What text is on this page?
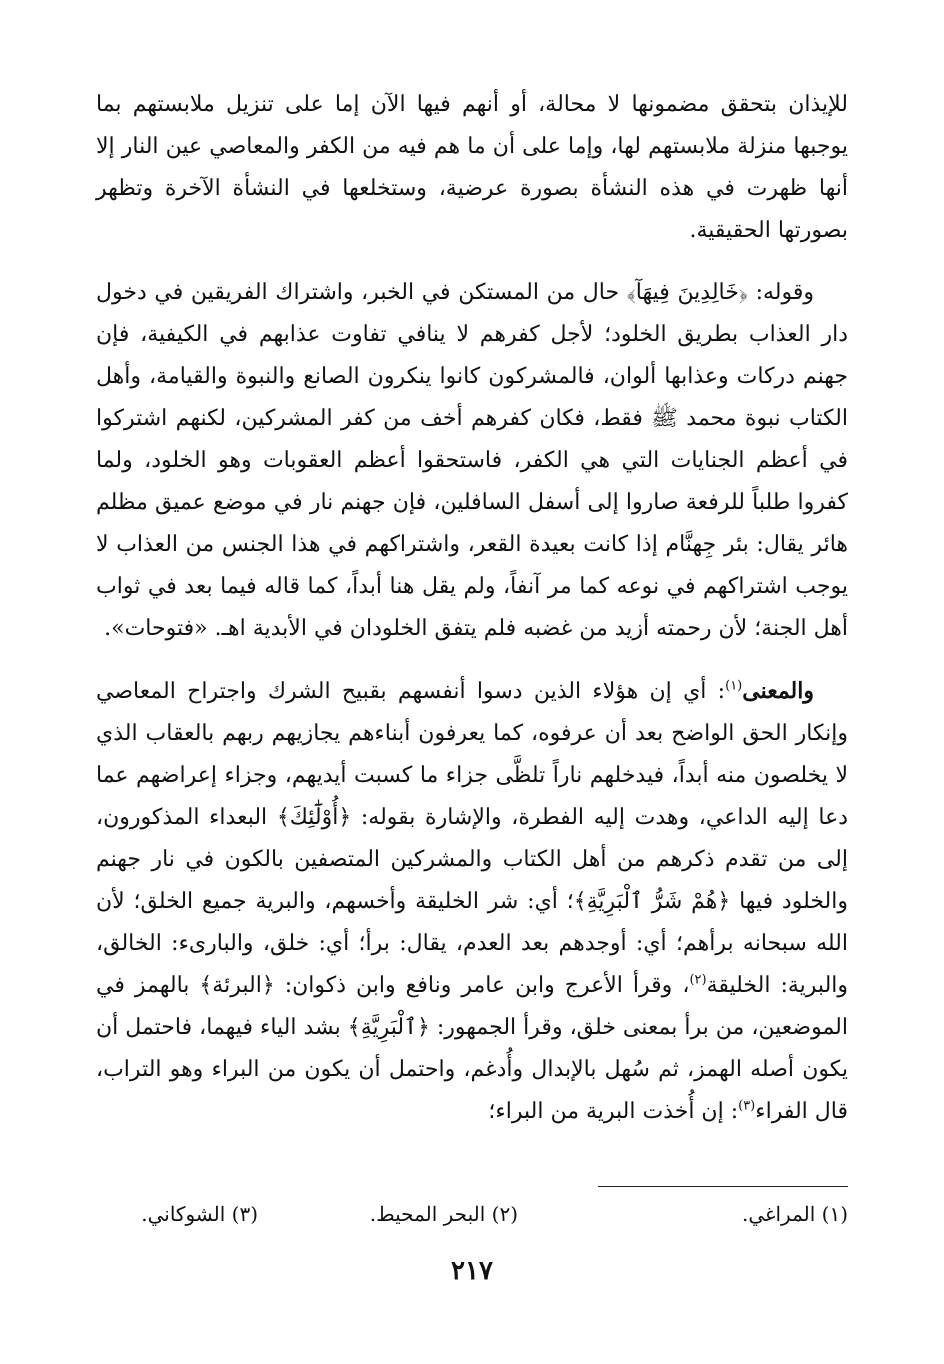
للإيذان بتحقق مضمونها لا محالة، أو أنهم فيها الآن إما على تنزيل ملابستهم بما يوجبها منزلة ملابستهم لها، وإما على أن ما هم فيه من الكفر والمعاصي عين النار إلا أنها ظهرت في هذه النشأة بصورة عرضية، وستخلعها في النشأة الآخرة وتظهر بصورتها الحقيقية.

وقوله: ﴿خَالِدِينَ فِيهَآ﴾ حال من المستكن في الخبر، واشتراك الفريقين في دخول دار العذاب بطريق الخلود؛ لأجل كفرهم لا ينافي تفاوت عذابهم في الكيفية، فإن جهنم دركات وعذابها ألوان، فالمشركون كانوا ينكرون الصانع والنبوة والقيامة، وأهل الكتاب نبوة محمد ﷺ فقط، فكان كفرهم أخف من كفر المشركين، لكنهم اشتركوا في أعظم الجنايات التي هي الكفر، فاستحقوا أعظم العقوبات وهو الخلود، ولما كفروا طلباً للرفعة صاروا إلى أسفل السافلين، فإن جهنم نار في موضع عميق مظلم هائر يقال: بئر جِهنَّام إذا كانت بعيدة القعر، واشتراكهم في هذا الجنس من العذاب لا يوجب اشتراكهم في نوعه كما مر آنفاً، ولم يقل هنا أبداً، كما قاله فيما بعد في ثواب أهل الجنة؛ لأن رحمته أزيد من غضبه فلم يتفق الخلودان في الأبدية اهـ. «فتوحات».

والمعنى$^{(١)}$: أي إن هؤلاء الذين دسوا أنفسهم بقبيح الشرك واجتراح المعاصي وإنكار الحق الواضح بعد أن عرفوه، كما يعرفون أبناءهم يجازيهم ربهم بالعقاب الذي لا يخلصون منه أبداً، فيدخلهم ناراً تلظَّى جزاء ما كسبت أيديهم، وجزاء إعراضهم عما دعا إليه الداعي، وهدت إليه الفطرة، والإشارة بقوله: ﴿أُوْلَٰٓئِكَ﴾ البعداء المذكورون، إلى من تقدم ذكرهم من أهل الكتاب والمشركين المتصفين بالكون في نار جهنم والخلود فيها ﴿هُمْ شَرُّ ٱلْبَرِيَّةِ﴾؛ أي: شر الخليقة وأخسهم، والبرية جميع الخلق؛ لأن الله سبحانه برأهم؛ أي: أوجدهم بعد العدم، يقال: برأ؛ أي: خلق، والبارىء: الخالق، والبرية: الخليقة$^{(٢)}$، وقرأ الأعرج وابن عامر ونافع وابن ذكوان: ﴿البرئة﴾ بالهمز في الموضعين، من برأ بمعنى خلق، وقرأ الجمهور: ﴿ٱلْبَرِيَّةِ﴾ بشد الياء فيهما، فاحتمل أن يكون أصله الهمز، ثم سُهل بالإبدال وأُدغم، واحتمل أن يكون من البراء وهو التراب، قال الفراء$^{(٣)}$: إن أُخذت البرية من البراء؛

(١) المراغي.
(٢) البحر المحيط.
(٣) الشوكاني.
٢١٧
